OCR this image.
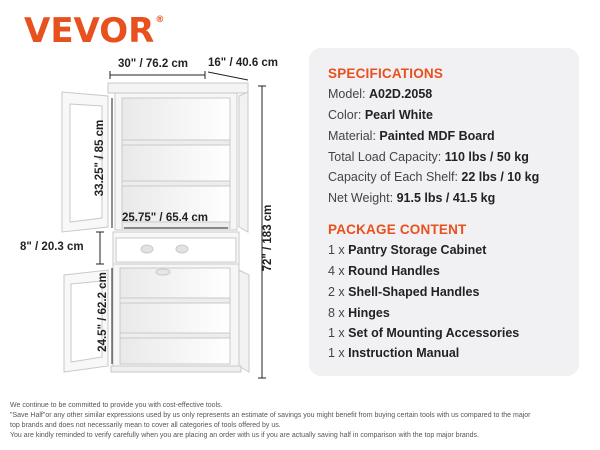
VEVOR®
30" / 76.2 cm 16" / 40.6 cm
72" / 183 cm
33.25" / 85 cm
25.75" / 65.4 cm
8" / 20.3 cm
24.5" / 62.2 cm
SPECIFICATIONS
Model: A02D.2058
Color: Pearl White
Material: Painted MDF Board
Total Load Capacity: 110 lbs / 50 kg
Capacity of Each Shelf: 22 lbs / 10 kg
Net Weight: 91.5 lbs / 41.5 kg
PACKAGE CONTENT
1 x Pantry Storage Cabinet
4 x Round Handles
2 x Shell-Shaped Handles
8 x Hinges
1 x Set of Mounting Accessories
1 x Instruction Manual
We continue to be committed to provide you with cost-effective tools.
"Save Half"or any other similar expressions used by us only represents an estimate of savings you might benefit from buying certain tools with us compared to the major
top brands and does not necessarily mean to cover all categories of tools offered by us.
You are kindly reminded to verify carefully when you are placing an order with us if you are actually saving half in comparison with the top major brands.
